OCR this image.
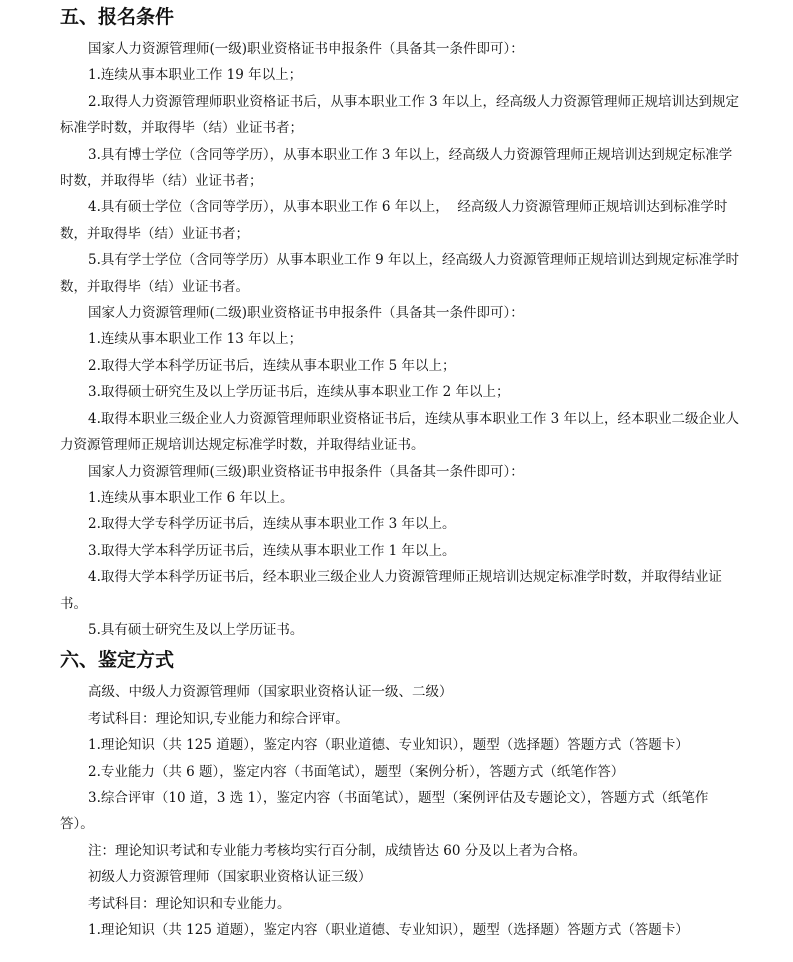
五、报名条件

国家人力资源管理师(一级)职业资格证书申报条件（具备其一条件即可）：

1.连续从事本职业工作 19 年以上；

2.取得人力资源管理师职业资格证书后，从事本职业工作 3 年以上，经高级人力资源管理师正规培训达到规定标准学时数，并取得毕（结）业证书者；

3.具有博士学位（含同等学历），从事本职业工作 3 年以上，经高级人力资源管理师正规培训达到规定标准学时数，并取得毕（结）业证书者；

4.具有硕士学位（含同等学历），从事本职业工作 6 年以上，  经高级人力资源管理师正规培训达到标准学时数，并取得毕（结）业证书者；

5.具有学士学位（含同等学历）从事本职业工作 9 年以上，经高级人力资源管理师正规培训达到规定标准学时数，并取得毕（结）业证书者。

国家人力资源管理师(二级)职业资格证书申报条件（具备其一条件即可）：

1.连续从事本职业工作 13 年以上；

2.取得大学本科学历证书后，连续从事本职业工作 5 年以上；

3.取得硕士研究生及以上学历证书后，连续从事本职业工作 2 年以上；

4.取得本职业三级企业人力资源管理师职业资格证书后，连续从事本职业工作 3 年以上，经本职业二级企业人力资源管理师正规培训达规定标准学时数，并取得结业证书。

国家人力资源管理师(三级)职业资格证书申报条件（具备其一条件即可）：

1.连续从事本职业工作 6 年以上。

2.取得大学专科学历证书后，连续从事本职业工作 3 年以上。

3.取得大学本科学历证书后，连续从事本职业工作 1 年以上。

4.取得大学本科学历证书后，经本职业三级企业人力资源管理师正规培训达规定标准学时数，并取得结业证书。

5.具有硕士研究生及以上学历证书。

六、鉴定方式

高级、中级人力资源管理师（国家职业资格认证一级、二级）

考试科目：理论知识,专业能力和综合评审。

1.理论知识（共 125 道题），鉴定内容（职业道德、专业知识），题型（选择题）答题方式（答题卡）

2.专业能力（共 6 题），鉴定内容（书面笔试），题型（案例分析），答题方式（纸笔作答）

3.综合评审（10 道，3 选 1），鉴定内容（书面笔试），题型（案例评估及专题论文），答题方式（纸笔作答）。

注：理论知识考试和专业能力考核均实行百分制，成绩皆达 60 分及以上者为合格。

初级人力资源管理师（国家职业资格认证三级）

考试科目：理论知识和专业能力。

1.理论知识（共 125 道题），鉴定内容（职业道德、专业知识），题型（选择题）答题方式（答题卡）
